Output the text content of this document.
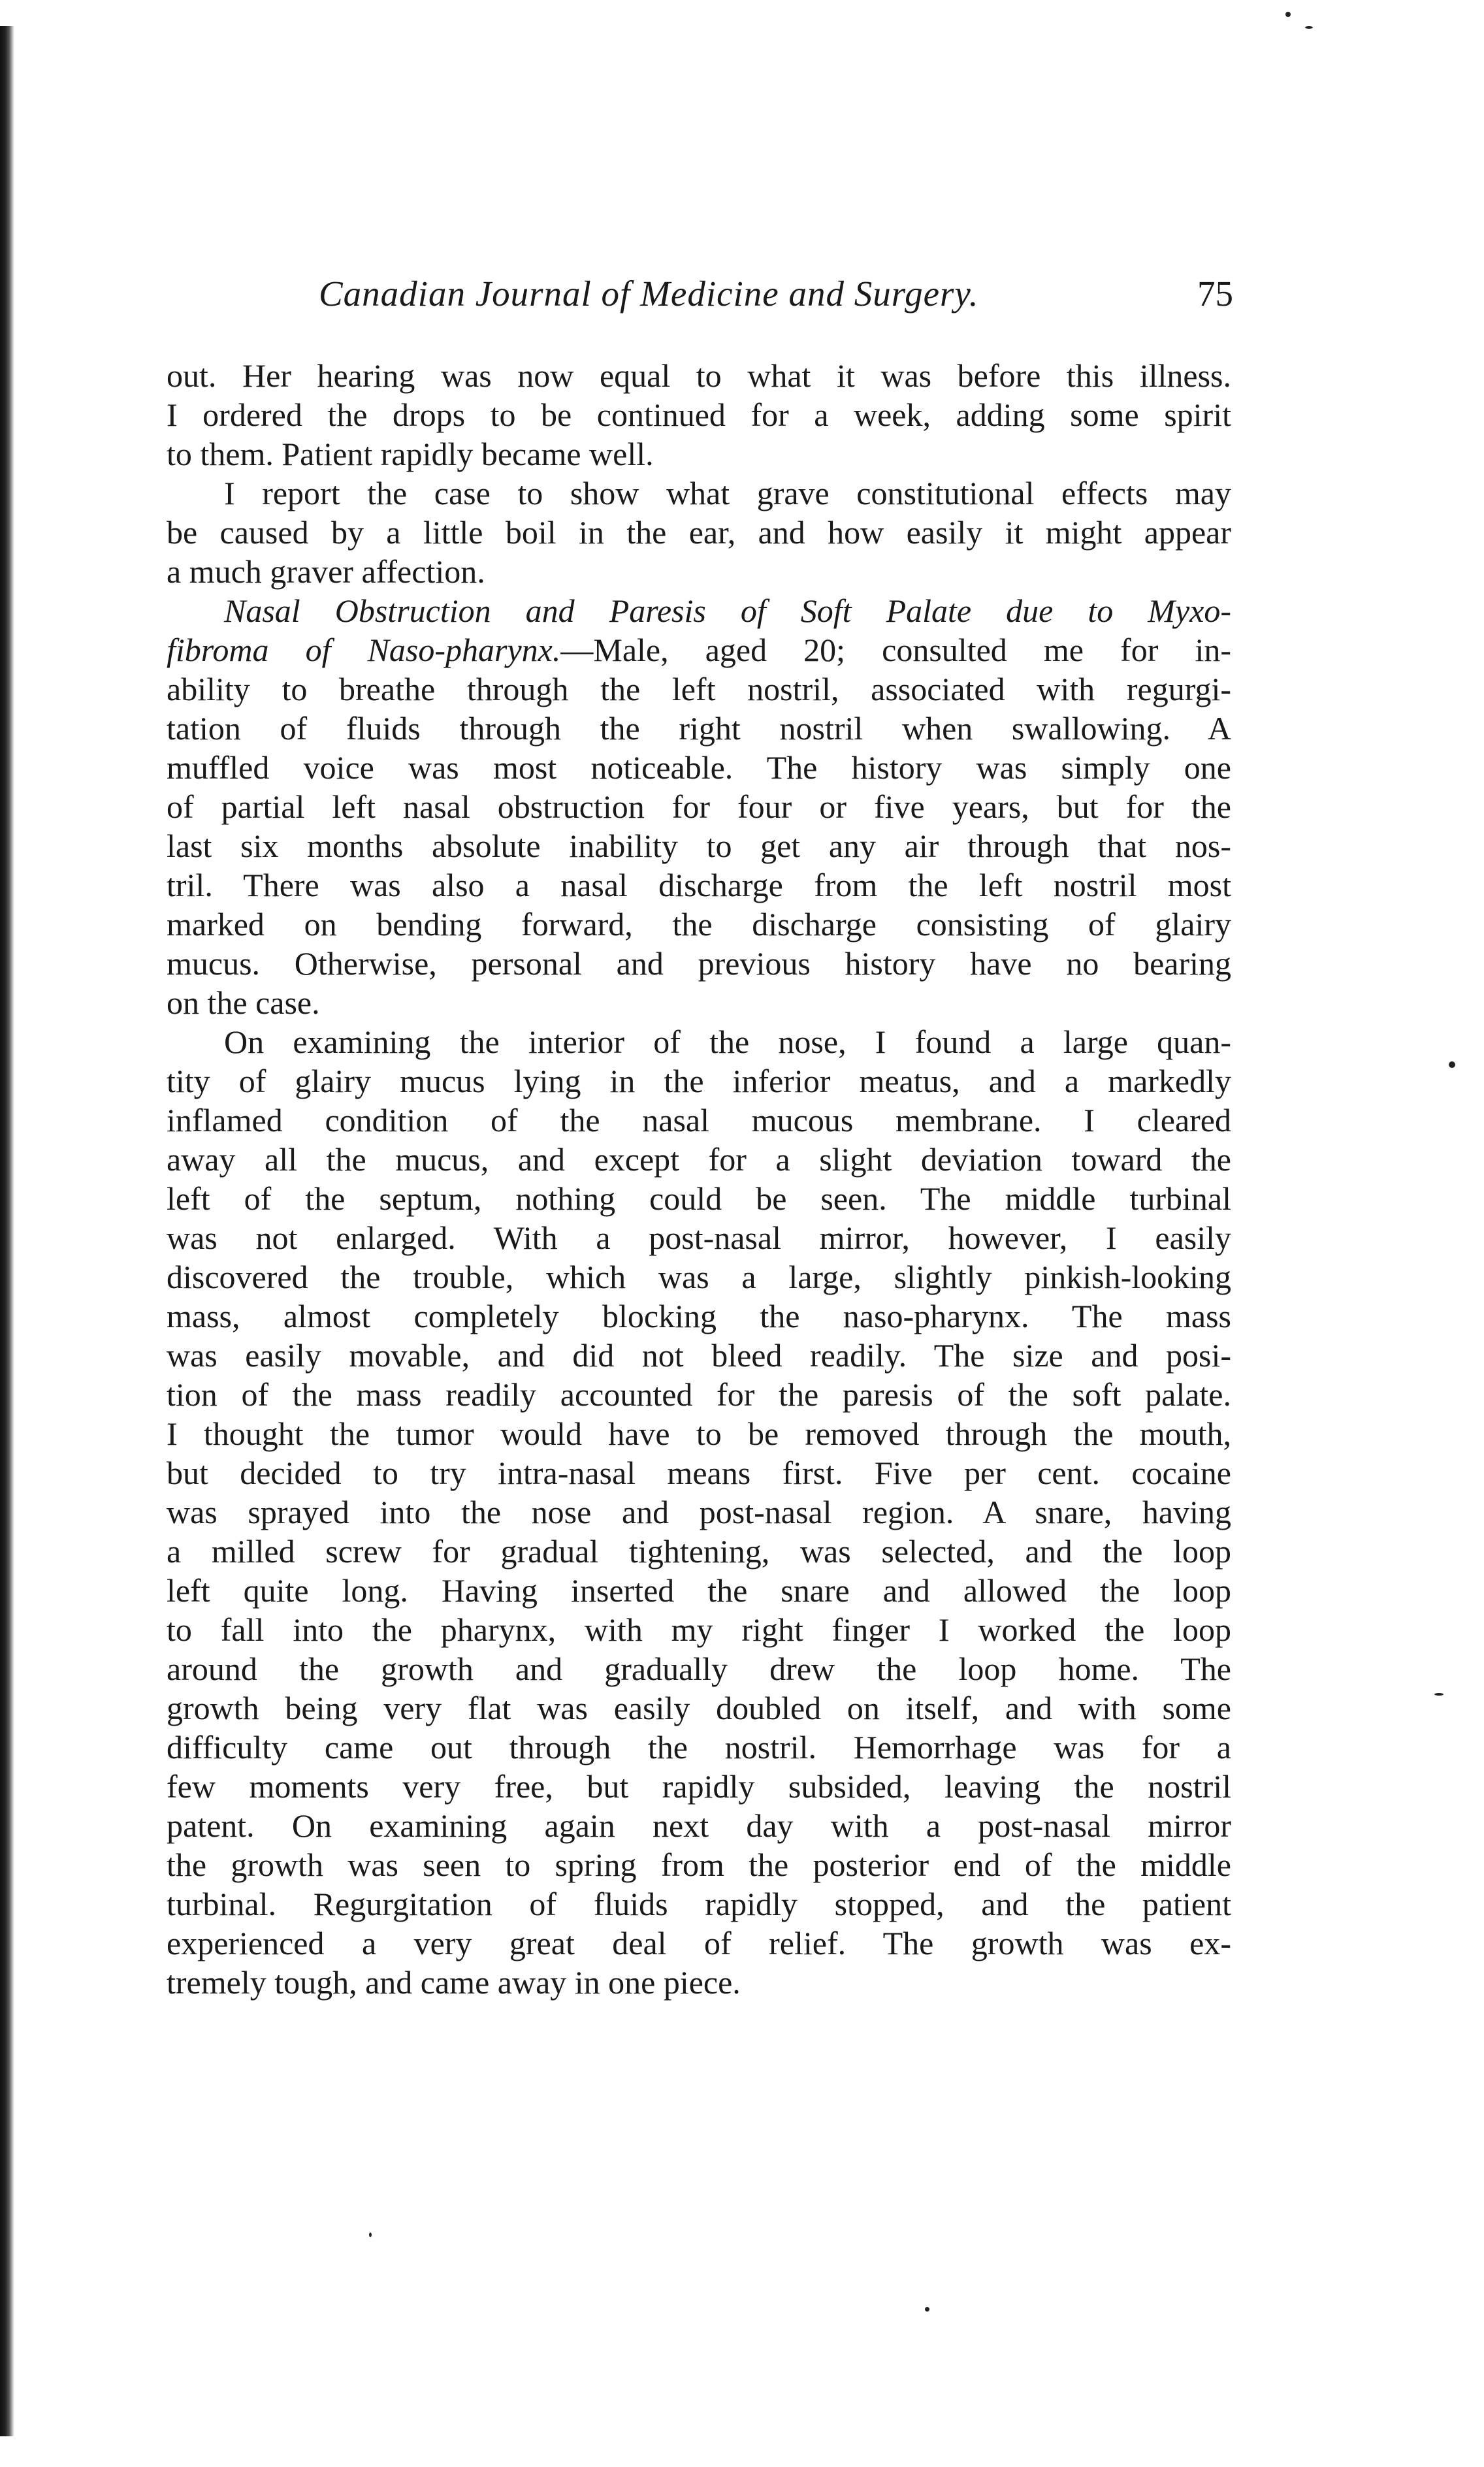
Canadian Journal of Medicine and Surgery.	75
out. Her hearing was now equal to what it was before this illness.
I ordered the drops to be continued for a week, adding some spirit
to them. Patient rapidly became well.
I report the case to show what grave constitutional effects may
be caused by a little boil in the ear, and how easily it might appear
a much graver affection.
Nasal Obstruction and Paresis of Soft Palate due to Myxo-
fibroma of Naso-pharynx.—Male, aged 20; consulted me for in-
ability to breathe through the left nostril, associated with regurgi-
tation of fluids through the right nostril when swallowing. A
muffled voice was most noticeable. The history was simply one
of partial left nasal obstruction for four or five years, but for the
last six months absolute inability to get any air through that nos-
tril. There was also a nasal discharge from the left nostril most
marked on bending forward, the discharge consisting of glairy
mucus. Otherwise, personal and previous history have no bearing
on the case.
On examining the interior of the nose, I found a large quan-
tity of glairy mucus lying in the inferior meatus, and a markedly
inflamed condition of the nasal mucous membrane. I cleared
away all the mucus, and except for a slight deviation toward the
left of the septum, nothing could be seen. The middle turbinal
was not enlarged. With a post-nasal mirror, however, I easily
discovered the trouble, which was a large, slightly pinkish-looking
mass, almost completely blocking the naso-pharynx. The mass
was easily movable, and did not bleed readily. The size and posi-
tion of the mass readily accounted for the paresis of the soft palate.
I thought the tumor would have to be removed through the mouth,
but decided to try intra-nasal means first. Five per cent. cocaine
was sprayed into the nose and post-nasal region. A snare, having
a milled screw for gradual tightening, was selected, and the loop
left quite long. Having inserted the snare and allowed the loop
to fall into the pharynx, with my right finger I worked the loop
around the growth and gradually drew the loop home. The
growth being very flat was easily doubled on itself, and with some
difficulty came out through the nostril. Hemorrhage was for a
few moments very free, but rapidly subsided, leaving the nostril
patent. On examining again next day with a post-nasal mirror
the growth was seen to spring from the posterior end of the middle
turbinal. Regurgitation of fluids rapidly stopped, and the patient
experienced a very great deal of relief. The growth was ex-
tremely tough, and came away in one piece.
